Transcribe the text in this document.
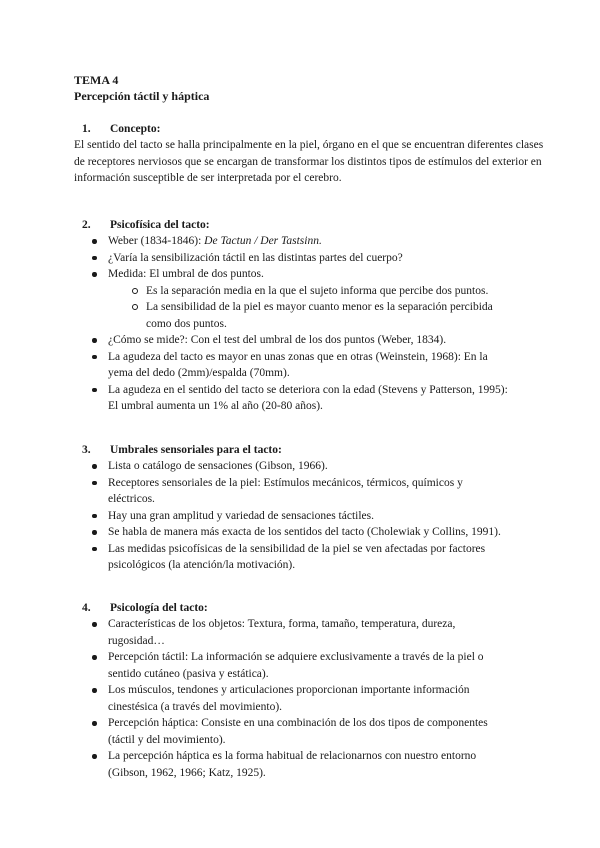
TEMA 4
Percepción táctil y háptica
1. Concepto:
El sentido del tacto se halla principalmente en la piel, órgano en el que se encuentran diferentes clases de receptores nerviosos que se encargan de transformar los distintos tipos de estímulos del exterior en información susceptible de ser interpretada por el cerebro.
2. Psicofísica del tacto:
Weber (1834-1846): De Tactun / Der Tastsinn.
¿Varía la sensibilización táctil en las distintas partes del cuerpo?
Medida: El umbral de dos puntos.
Es la separación media en la que el sujeto informa que percibe dos puntos.
La sensibilidad de la piel es mayor cuanto menor es la separación percibida como dos puntos.
¿Cómo se mide?: Con el test del umbral de los dos puntos (Weber, 1834).
La agudeza del tacto es mayor en unas zonas que en otras (Weinstein, 1968): En la yema del dedo (2mm)/espalda (70mm).
La agudeza en el sentido del tacto se deteriora con la edad (Stevens y Patterson, 1995): El umbral aumenta un 1% al año (20-80 años).
3. Umbrales sensoriales para el tacto:
Lista o catálogo de sensaciones (Gibson, 1966).
Receptores sensoriales de la piel: Estímulos mecánicos, térmicos, químicos y eléctricos.
Hay una gran amplitud y variedad de sensaciones táctiles.
Se habla de manera más exacta de los sentidos del tacto (Cholewiak y Collins, 1991).
Las medidas psicofísicas de la sensibilidad de la piel se ven afectadas por factores psicológicos (la atención/la motivación).
4. Psicología del tacto:
Características de los objetos: Textura, forma, tamaño, temperatura, dureza, rugosidad…
Percepción táctil: La información se adquiere exclusivamente a través de la piel o sentido cutáneo (pasiva y estática).
Los músculos, tendones y articulaciones proporcionan importante información cinestésica (a través del movimiento).
Percepción háptica: Consiste en una combinación de los dos tipos de componentes (táctil y del movimiento).
La percepción háptica es la forma habitual de relacionarnos con nuestro entorno (Gibson, 1962, 1966; Katz, 1925).
